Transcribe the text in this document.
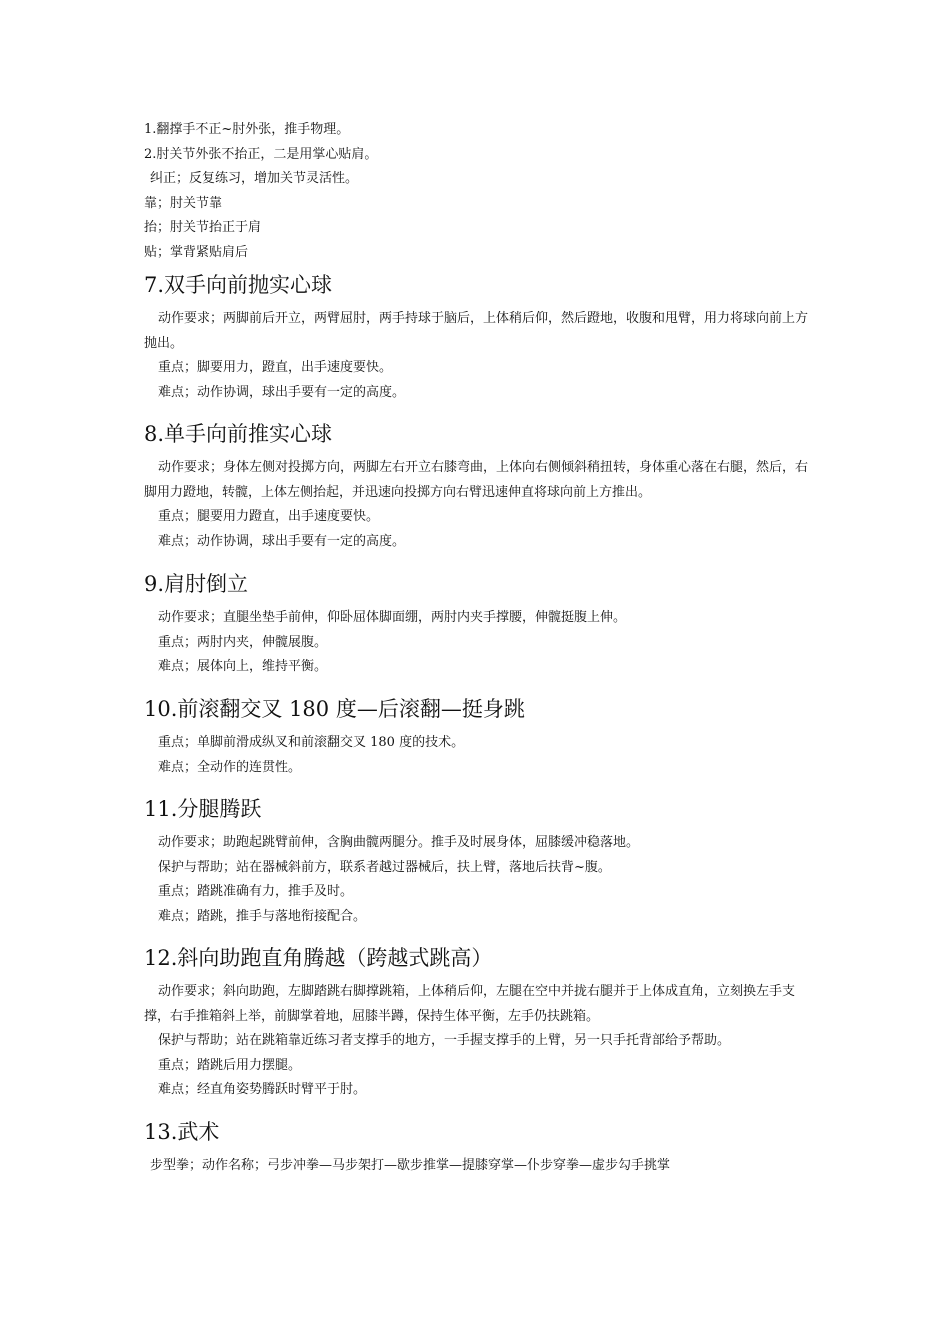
1.翻撑手不正~肘外张，推手物理。
2.肘关节外张不抬正，二是用掌心贴肩。
纠正；反复练习，增加关节灵活性。
靠；肘关节靠
抬；肘关节抬正于肩
贴；掌背紧贴肩后
7.双手向前抛实心球
动作要求；两脚前后开立，两臂屈肘，两手持球于脑后，上体稍后仰，然后蹬地，收腹和甩臂，用力将球向前上方抛出。
重点；脚要用力，蹬直，出手速度要快。
难点；动作协调，球出手要有一定的高度。
8.单手向前推实心球
动作要求；身体左侧对投掷方向，两脚左右开立右膝弯曲，上体向右侧倾斜稍扭转，身体重心落在右腿，然后，右脚用力蹬地，转髋，上体左侧抬起，并迅速向投掷方向右臂迅速伸直将球向前上方推出。
重点；腿要用力蹬直，出手速度要快。
难点；动作协调，球出手要有一定的高度。
9.肩肘倒立
动作要求；直腿坐垫手前伸，仰卧屈体脚面绷，两肘内夹手撑腰，伸髋挺腹上伸。
重点；两肘内夹，伸髋展腹。
难点；展体向上，维持平衡。
10.前滚翻交叉 180 度—后滚翻—挺身跳
重点；单脚前滑成纵叉和前滚翻交叉 180 度的技术。
难点；全动作的连贯性。
11.分腿腾跃
动作要求；助跑起跳臂前伸，含胸曲髋两腿分。推手及时展身体，屈膝缓冲稳落地。
保护与帮助；站在器械斜前方，联系者越过器械后，扶上臂，落地后扶背~腹。
重点；踏跳准确有力，推手及时。
难点；踏跳，推手与落地衔接配合。
12.斜向助跑直角腾越（跨越式跳高）
动作要求；斜向助跑，左脚踏跳右脚撑跳箱，上体稍后仰，左腿在空中并拢右腿并于上体成直角，立刻换左手支撑，右手推箱斜上举，前脚掌着地，屈膝半蹲，保持生体平衡，左手仍扶跳箱。
保护与帮助；站在跳箱靠近练习者支撑手的地方，一手握支撑手的上臂，另一只手托背部给予帮助。
重点；踏跳后用力摆腿。
难点；经直角姿势腾跃时臂平于肘。
13.武术
步型拳；动作名称；弓步冲拳—马步架打—歇步推掌—提膝穿掌—仆步穿拳—虚步勾手挑掌
